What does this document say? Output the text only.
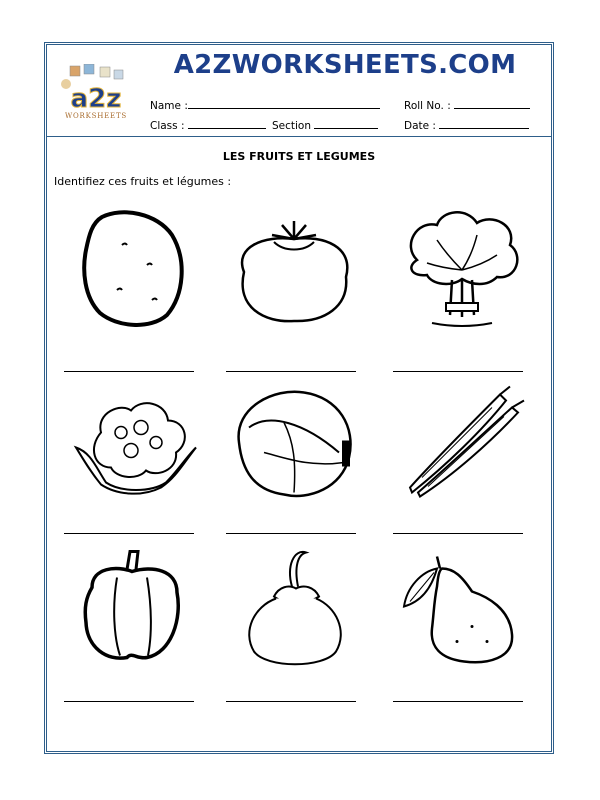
a2z
WORKSHEETS
A2ZWORKSHEETS.COM
Name :	Roll No. :
Class :	Section	Date :
LES FRUITS ET LEGUMES
Identifiez ces fruits et légumes :
